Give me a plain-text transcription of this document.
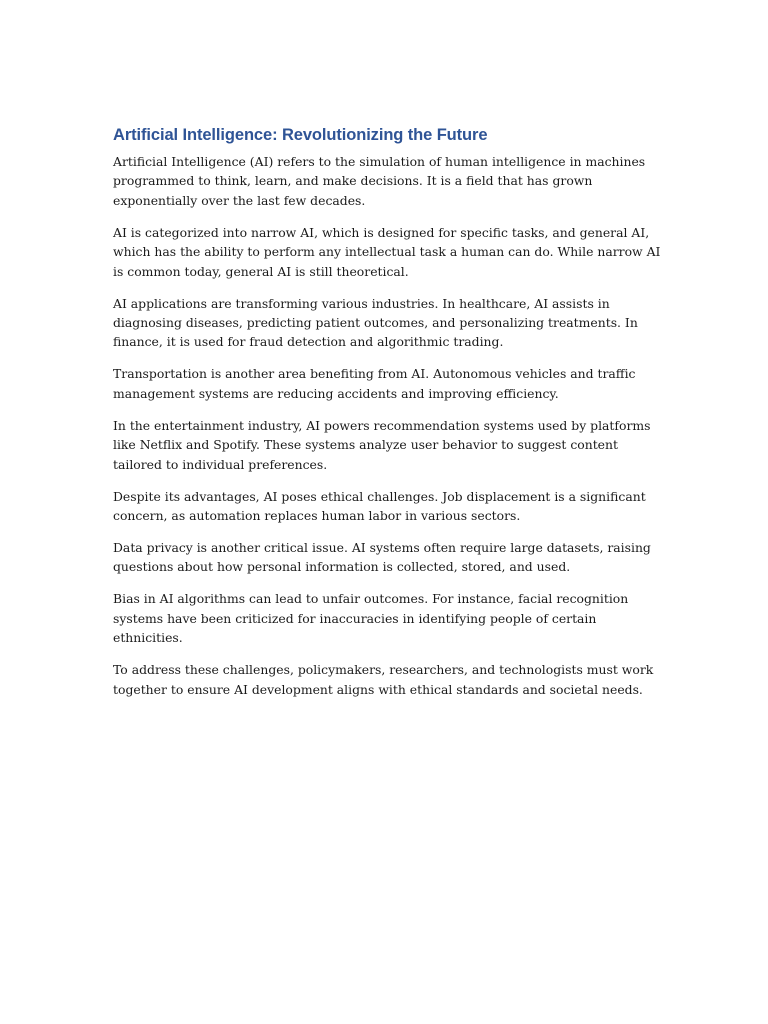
Artificial Intelligence: Revolutionizing the Future

Artificial Intelligence (AI) refers to the simulation of human intelligence in machines programmed to think, learn, and make decisions. It is a field that has grown exponentially over the last few decades.

AI is categorized into narrow AI, which is designed for specific tasks, and general AI, which has the ability to perform any intellectual task a human can do. While narrow AI is common today, general AI is still theoretical.

AI applications are transforming various industries. In healthcare, AI assists in diagnosing diseases, predicting patient outcomes, and personalizing treatments. In finance, it is used for fraud detection and algorithmic trading.

Transportation is another area benefiting from AI. Autonomous vehicles and traffic management systems are reducing accidents and improving efficiency.

In the entertainment industry, AI powers recommendation systems used by platforms like Netflix and Spotify. These systems analyze user behavior to suggest content tailored to individual preferences.

Despite its advantages, AI poses ethical challenges. Job displacement is a significant concern, as automation replaces human labor in various sectors.

Data privacy is another critical issue. AI systems often require large datasets, raising questions about how personal information is collected, stored, and used.

Bias in AI algorithms can lead to unfair outcomes. For instance, facial recognition systems have been criticized for inaccuracies in identifying people of certain ethnicities.

To address these challenges, policymakers, researchers, and technologists must work together to ensure AI development aligns with ethical standards and societal needs.
